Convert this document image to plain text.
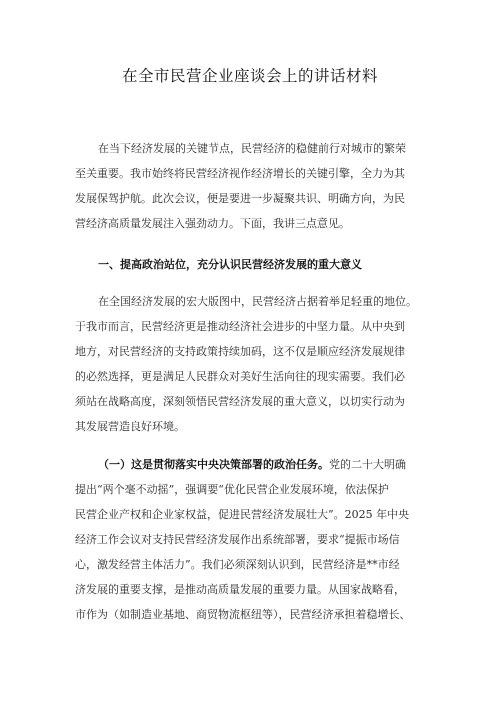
在全市民营企业座谈会上的讲话材料
在当下经济发展的关键节点，民营经济的稳健前行对城市的繁荣
至关重要。我市始终将民营经济视作经济增长的关键引擎，全力为其
发展保驾护航。此次会议，便是要进一步凝聚共识、明确方向，为民
营经济高质量发展注入强劲动力。下面，我讲三点意见。
一、提高政治站位，充分认识民营经济发展的重大意义
在全国经济发展的宏大版图中，民营经济占据着举足轻重的地位。
于我市而言，民营经济更是推动经济社会进步的中坚力量。从中央到
地方，对民营经济的支持政策持续加码，这不仅是顺应经济发展规律
的必然选择，更是满足人民群众对美好生活向往的现实需要。我们必
须站在战略高度，深刻领悟民营经济发展的重大意义，以切实行动为
其发展营造良好环境。
（一）这是贯彻落实中央决策部署的政治任务。党的二十大明确
提出“两个毫不动摇”，强调要“优化民营企业发展环境，依法保护
民营企业产权和企业家权益，促进民营经济发展壮大”。2025 年中央
经济工作会议对支持民营经济发展作出系统部署，要求“提振市场信
心，激发经营主体活力”。我们必须深刻认识到，民营经济是**市经
济发展的重要支撑，是推动高质量发展的重要力量。从国家战略看，
市作为（如制造业基地、商贸物流枢纽等），民营经济承担着稳增长、
